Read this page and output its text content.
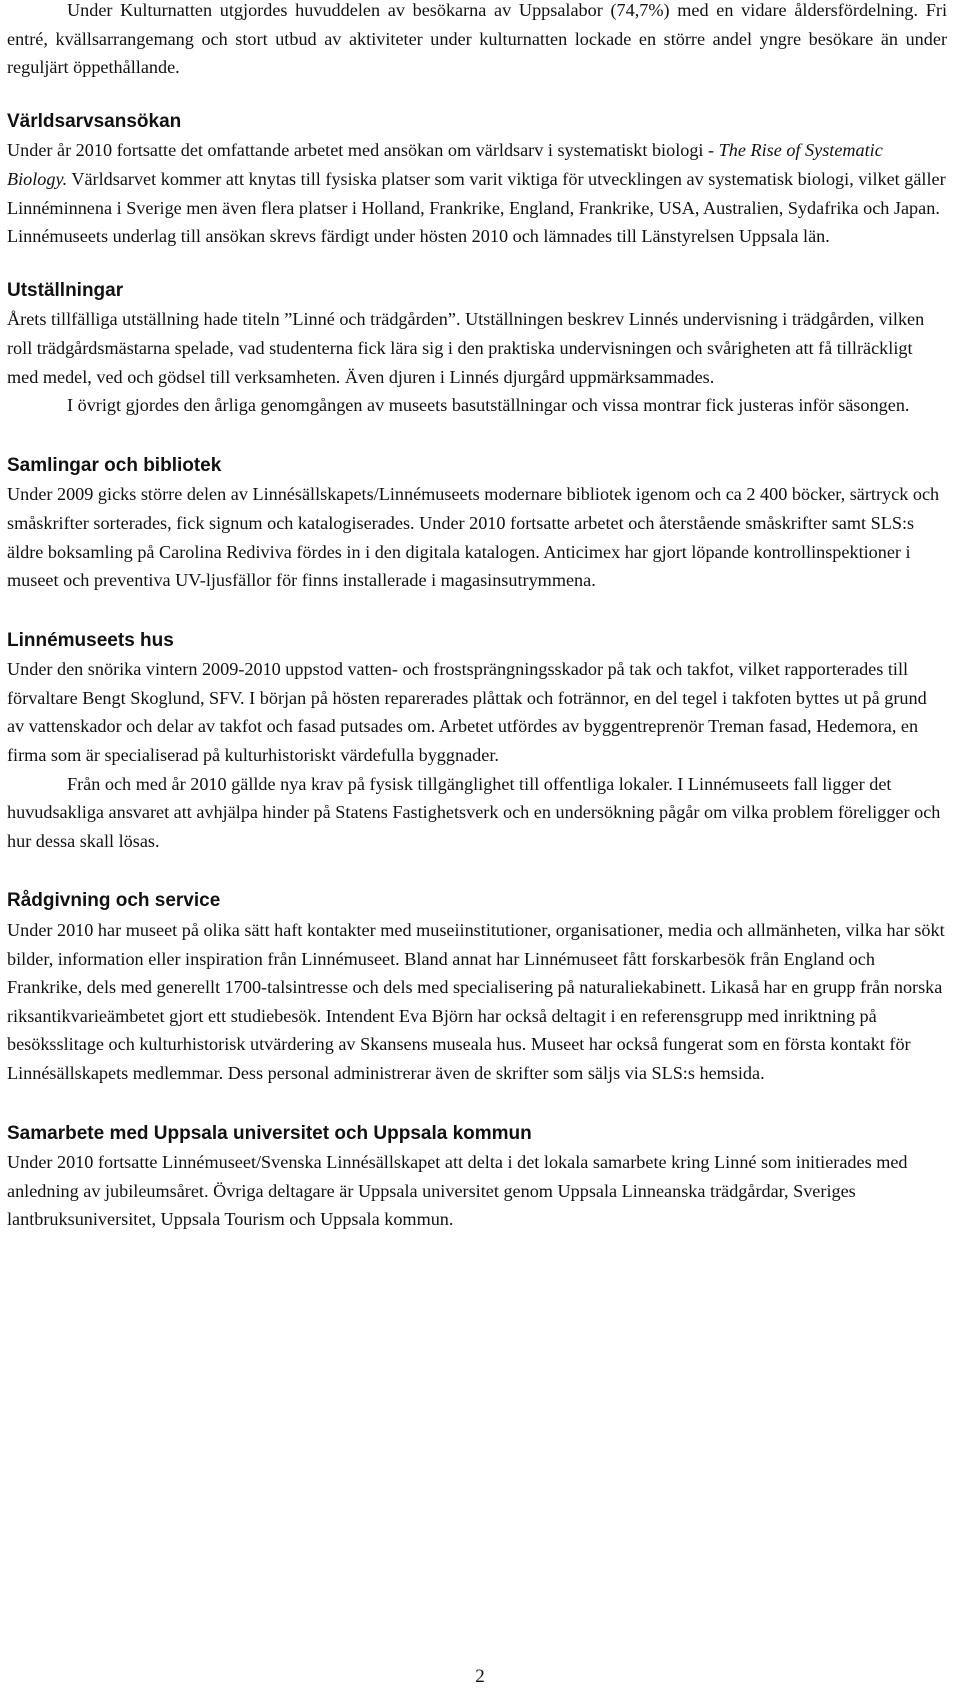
Under Kulturnatten utgjordes huvuddelen av besökarna av Uppsalabor (74,7%) med en vidare åldersfördelning. Fri entré, kvällsarrangemang och stort utbud av aktiviteter under kulturnatten lockade en större andel yngre besökare än under reguljärt öppethållande.

Världsarvsansökan

Under år 2010 fortsatte det omfattande arbetet med ansökan om världsarv i systematiskt biologi - The Rise of Systematic Biology. Världsarvet kommer att knytas till fysiska platser som varit viktiga för utvecklingen av systematisk biologi, vilket gäller Linnéminnena i Sverige men även flera platser i Holland, Frankrike, England, Frankrike, USA, Australien, Sydafrika och Japan. Linnémuseets underlag till ansökan skrevs färdigt under hösten 2010 och lämnades till Länstyrelsen Uppsala län.

Utställningar

Årets tillfälliga utställning hade titeln ”Linné och trädgården”. Utställningen beskrev Linnés undervisning i trädgården, vilken roll trädgårdsmästarna spelade, vad studenterna fick lära sig i den praktiska undervisningen och svårigheten att få tillräckligt med medel, ved och gödsel till verksamheten. Även djuren i Linnés djurgård uppmärksammades.

I övrigt gjordes den årliga genomgången av museets basutställningar och vissa montrar fick justeras inför säsongen.

Samlingar och bibliotek

Under 2009 gicks större delen av Linnésällskapets/Linnémuseets modernare bibliotek igenom och ca 2 400 böcker, särtryck och småskrifter sorterades, fick signum och katalogiserades. Under 2010 fortsatte arbetet och återstående småskrifter samt SLS:s äldre boksamling på Carolina Rediviva fördes in i den digitala katalogen. Anticimex har gjort löpande kontrollinspektioner i museet och preventiva UV-ljusfällor för finns installerade i magasinsutrymmena.

Linnémuseets hus

Under den snörika vintern 2009-2010 uppstod vatten- och frostsprängningsskador på tak och takfot, vilket rapporterades till förvaltare Bengt Skoglund, SFV. I början på hösten reparerades plåttak och fotrännor, en del tegel i takfoten byttes ut på grund av vattenskador och delar av takfot och fasad putsades om. Arbetet utfördes av byggentreprenör Treman fasad, Hedemora, en firma som är specialiserad på kulturhistoriskt värdefulla byggnader.

Från och med år 2010 gällde nya krav på fysisk tillgänglighet till offentliga lokaler. I Linnémuseets fall ligger det huvudsakliga ansvaret att avhjälpa hinder på Statens Fastighetsverk och en undersökning pågår om vilka problem föreligger och hur dessa skall lösas.

Rådgivning och service

Under 2010 har museet på olika sätt haft kontakter med museiinstitutioner, organisationer, media och allmänheten, vilka har sökt bilder, information eller inspiration från Linnémuseet. Bland annat har Linnémuseet fått forskarbesök från England och Frankrike, dels med generellt 1700-talsintresse och dels med specialisering på naturaliekabinett. Likaså har en grupp från norska riksantikvarieämbetet gjort ett studiebesök. Intendent Eva Björn har också deltagit i en referensgrupp med inriktning på besöksslitage och kulturhistorisk utvärdering av Skansens museala hus. Museet har också fungerat som en första kontakt för Linnésällskapets medlemmar. Dess personal administrerar även de skrifter som säljs via SLS:s hemsida.

Samarbete med Uppsala universitet och Uppsala kommun

Under 2010 fortsatte Linnémuseet/Svenska Linnésällskapet att delta i det lokala samarbete kring Linné som initierades med anledning av jubileumsåret. Övriga deltagare är Uppsala universitet genom Uppsala Linneanska trädgårdar, Sveriges lantbruksuniversitet, Uppsala Tourism och Uppsala kommun.

2
